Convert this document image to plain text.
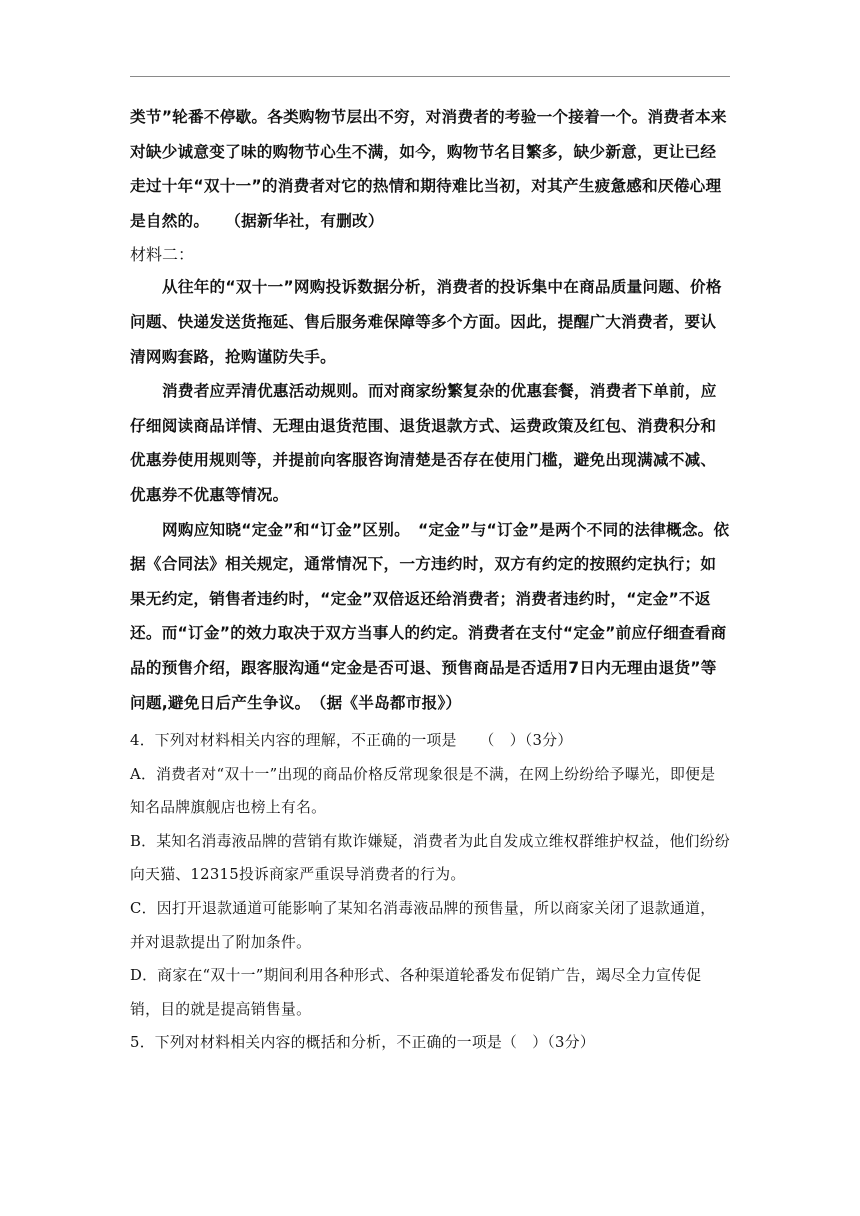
类节”轮番不停歇。各类购物节层出不穷，对消费者的考验一个接着一个。消费者本来对缺少诚意变了味的购物节心生不满，如今，购物节名目繁多，缺少新意，更让已经走过十年“双十一”的消费者对它的热情和期待难比当初，对其产生疲惫感和厌倦心理是自然的。　　（据新华社，有删改）

材料二：

从往年的“双十一”网购投诉数据分析，消费者的投诉集中在商品质量问题、价格问题、快递发送货拖延、售后服务难保障等多个方面。因此，提醒广大消费者，要认清网购套路，抢购谨防失手。

消费者应弄清优惠活动规则。而对商家纷繁复杂的优惠套餐，消费者下单前，应仔细阅读商品详情、无理由退货范围、退货退款方式、运费政策及红包、消费积分和优惠券使用规则等，并提前向客服咨询清楚是否存在使用门槛，避免出现满减不减、优惠券不优惠等情况。

网购应知晓“定金”和“订金”区别。　“定金”与“订金”是两个不同的法律概念。依据《合同法》相关规定，通常情况下，一方违约时，双方有约定的按照约定执行；如果无约定，销售者违约时，“定金”双倍返还给消费者；消费者违约时，“定金”不返还。而“订金”的效力取决于双方当事人的约定。消费者在支付“定金”前应仔细查看商品的预售介绍，跟客服沟通“定金是否可退、预售商品是否适用7日内无理由退货”等问题,避免日后产生争议。　（据《半岛都市报》）

4．下列对材料相关内容的理解，不正确的一项是　　（　）（3分）

A．消费者对“双十一”出现的商品价格反常现象很是不满，在网上纷纷给予曝光，即便是知名品牌旗舰店也榜上有名。

B．某知名消毒液品牌的营销有欺诈嫌疑，消费者为此自发成立维权群维护权益，他们纷纷向天猫、12315投诉商家严重误导消费者的行为。

C．因打开退款通道可能影响了某知名消毒液品牌的预售量，所以商家关闭了退款通道，并对退款提出了附加条件。

D．商家在“双十一”期间利用各种形式、各种渠道轮番发布促销广告，竭尽全力宣传促销，目的就是提高销售量。

5．下列对材料相关内容的概括和分析，不正确的一项是（　）（3分）
